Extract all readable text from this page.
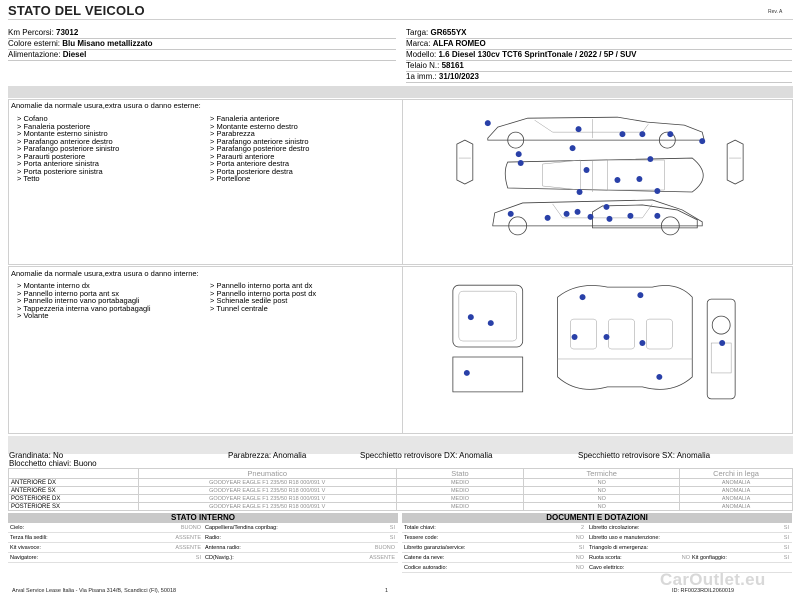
STATO DEL VEICOLO	Rev. A
Km Percorsi: 73012
Colore esterni: Blu Misano metallizzato
Alimentazione: Diesel
Targa: GR655YX
Marca: ALFA ROMEO
Modello: 1.6 Diesel 130cv TCT6 SprintTonale / 2022 / 5P / SUV
Telaio N.: 58161
1a imm.: 31/10/2023
Anomalie da normale usura,extra usura o danno esterne:
> Cofano
> Fanaleria posteriore
> Montante esterno sinistro
> Parafango anteriore destro
> Parafango posteriore sinistro
> Paraurti posteriore
> Porta anteriore sinistra
> Porta posteriore sinistra
> Tetto
> Fanaleria anteriore
> Montante esterno destro
> Parabrezza
> Parafango anteriore sinistro
> Parafango posteriore destro
> Paraurti anteriore
> Porta anteriore destra
> Porta posteriore destra
> Portellone
Anomalie da normale usura,extra usura o danno interne:
> Montante interno dx
> Pannello interno porta ant sx
> Pannello interno vano portabagagli
> Tappezzeria interna vano portabagagli
> Volante
> Pannello interno porta ant dx
> Pannello interno porta post dx
> Schienale sedile post
> Tunnel centrale
Grandinata: No	Parabrezza: Anomalia	Specchietto retrovisore DX: Anomalia	Specchietto retrovisore SX: Anomalia
Blocchetto chiavi: Buono
	Pneumatico	Stato	Termiche	Cerchi in lega
ANTERIORE DX	GOODYEAR EAGLE F1 235/50 R18 000/091 V	MEDIO	NO	ANOMALIA
ANTERIORE SX	GOODYEAR EAGLE F1 235/50 R18 000/091 V	MEDIO	NO	ANOMALIA
POSTERIORE DX	GOODYEAR EAGLE F1 235/50 R18 000/091 V	MEDIO	NO	ANOMALIA
POSTERIORE SX	GOODYEAR EAGLE F1 235/50 R18 000/091 V	MEDIO	NO	ANOMALIA
STATO INTERNO
Cielo:	BUONO Cappelliera/Tendina copribag:	SI
Terza fila sedili:	ASSENTE Radio:	SI
Kit vivavoce:	ASSENTE Antenna radio:	BUONO
Navigatore:	SI CD(Navig.):	ASSENTE
DOCUMENTI E DOTAZIONI
Totale chiavi:	2 Libretto circolazione:	SI
Tessere code:	NO Libretto uso e manutenzione:	SI
Libretto garanzia/service:	SI Triangolo di emergenza:	SI
Catene da neve:	NO Ruota scorta:	NO Kit gonfiaggio:	SI
Codice autoradio:	NO Cavo elettrico:
Arval Service Lease Italia - Via Pisana 314/B, Scandicci (FI), 50018	1	ID: RF0023RDIL2060019
CarOutlet.eu
